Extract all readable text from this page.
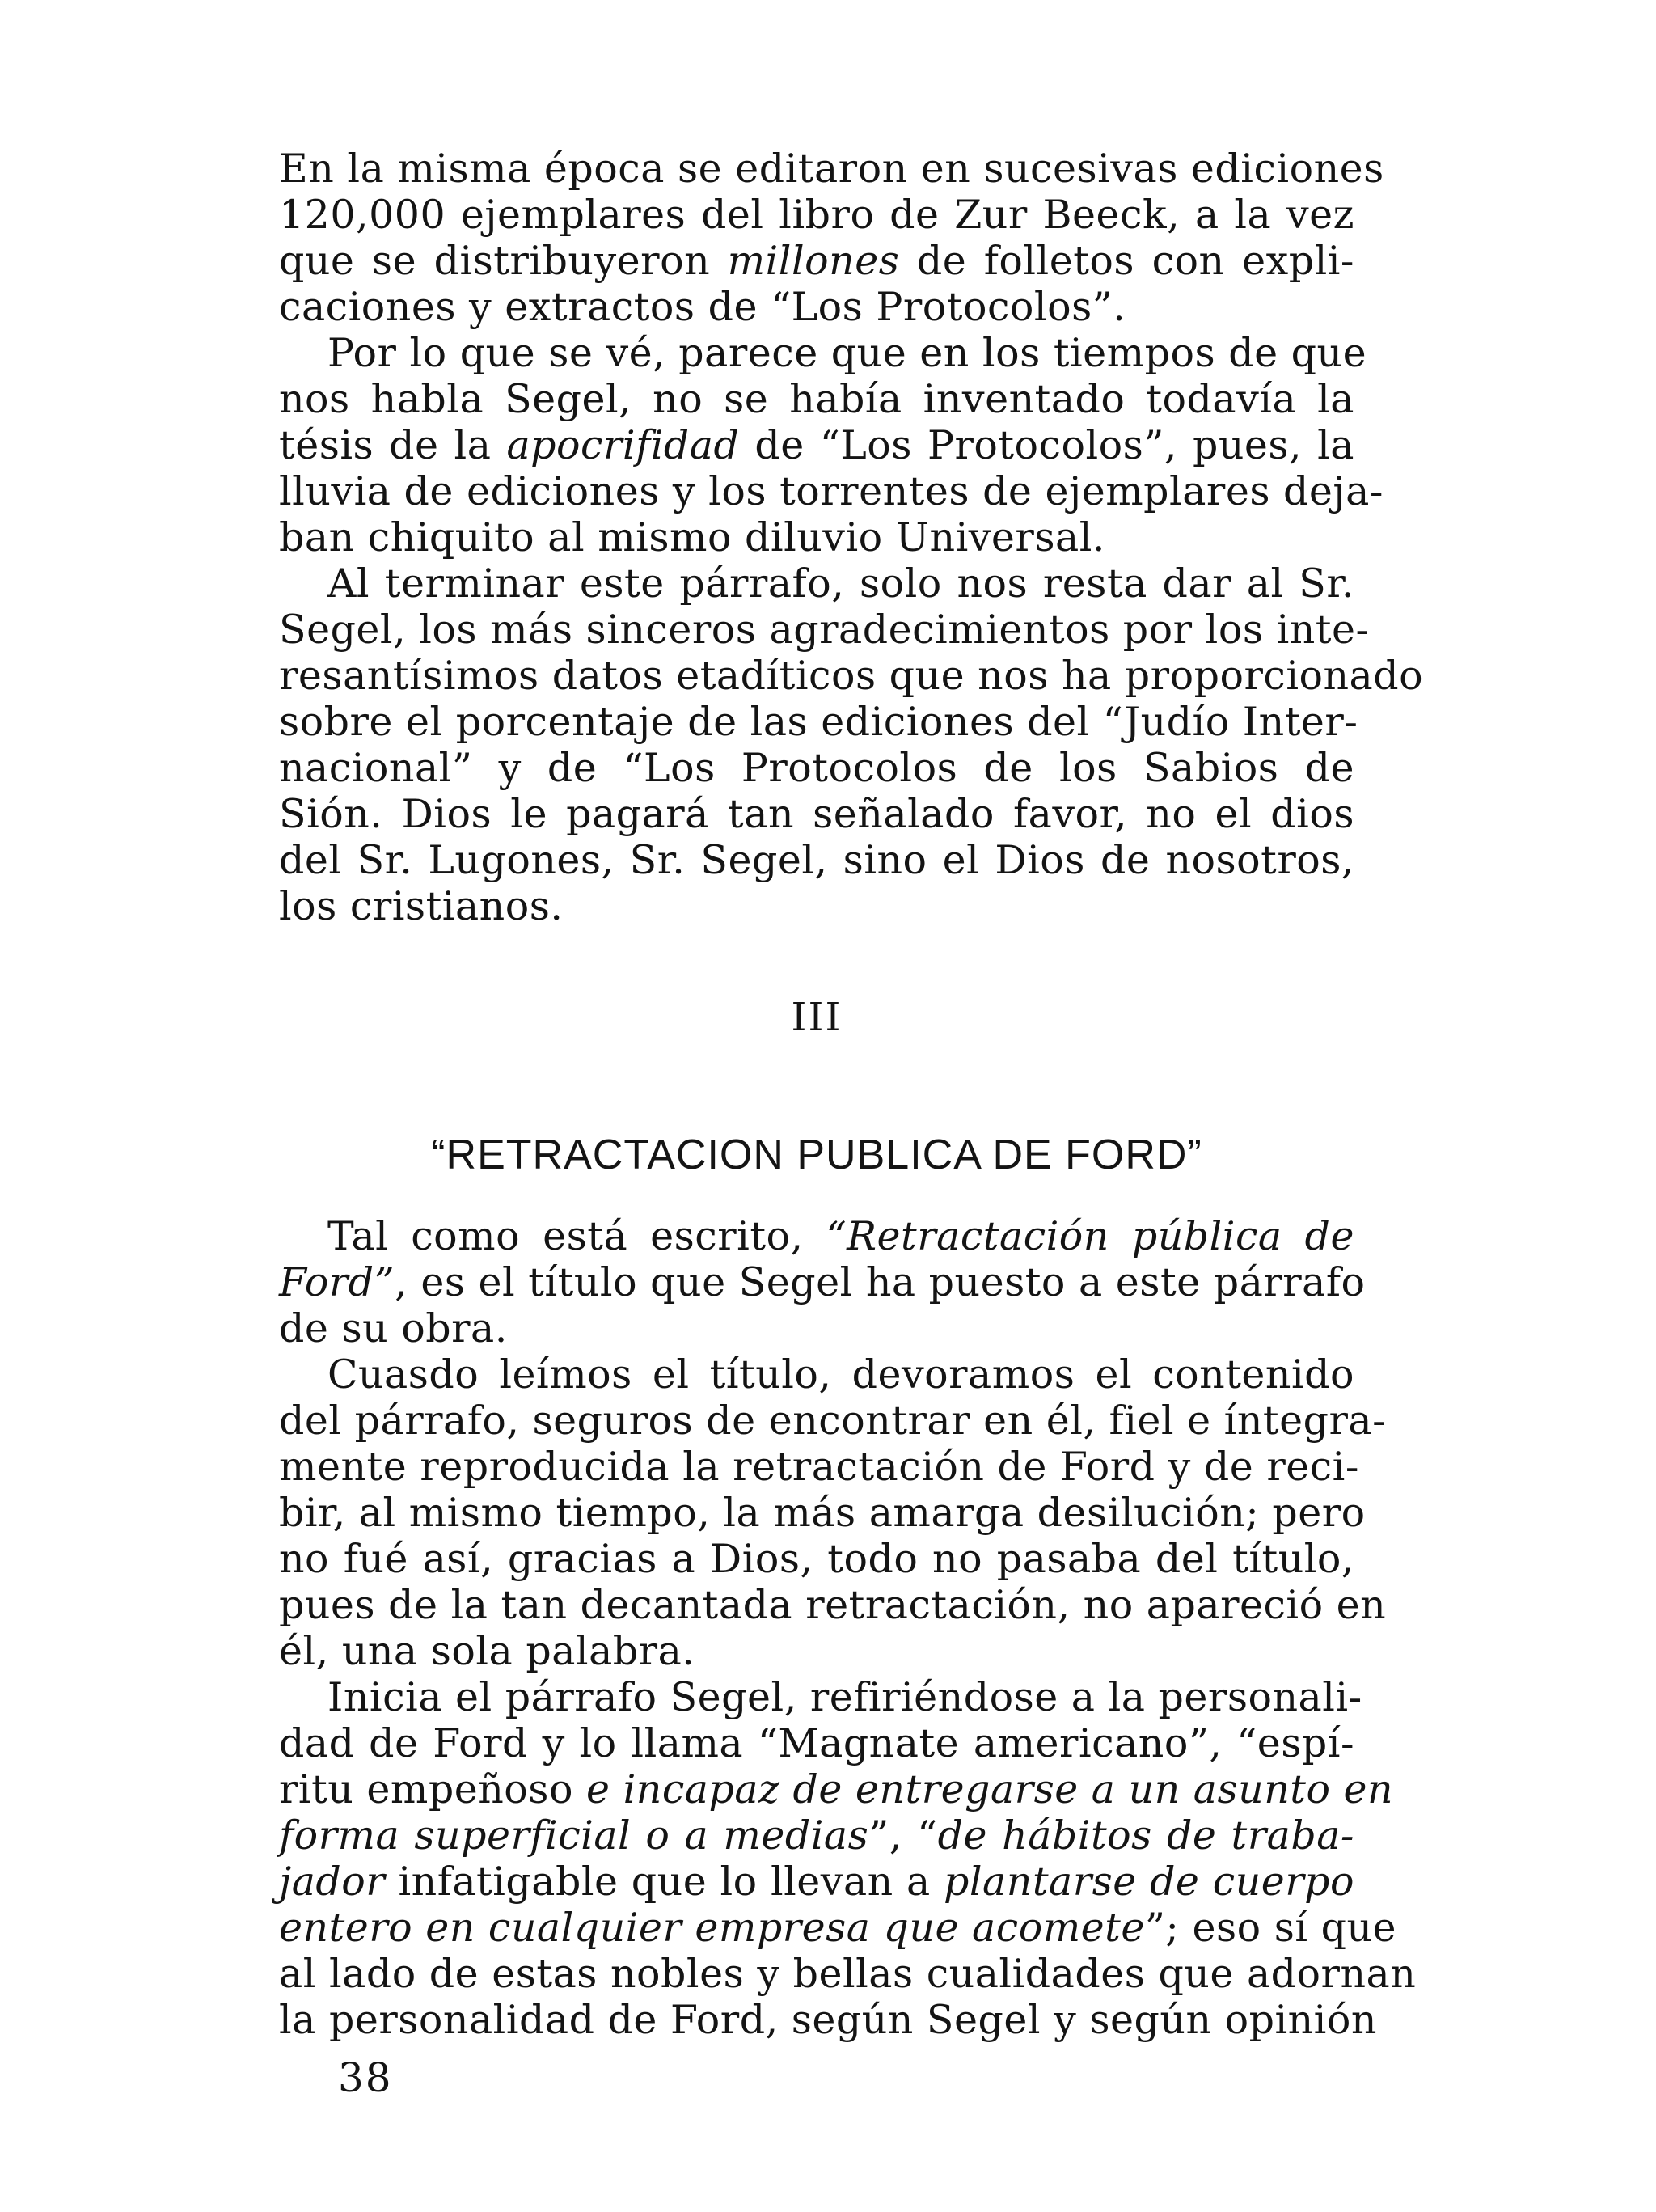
En la misma época se editaron en sucesivas ediciones
120,000 ejemplares del libro de Zur Beeck, a la vez
que se distribuyeron millones de folletos con expli-
caciones y extractos de “Los Protocolos”.
Por lo que se vé, parece que en los tiempos de que
nos habla Segel, no se había inventado todavía la
tésis de la apocrifidad de “Los Protocolos”, pues, la
lluvia de ediciones y los torrentes de ejemplares deja-
ban chiquito al mismo diluvio Universal.
Al terminar este párrafo, solo nos resta dar al Sr.
Segel, los más sinceros agradecimientos por los inte-
resantísimos datos etadíticos que nos ha proporcionado
sobre el porcentaje de las ediciones del “Judío Inter-
nacional” y de “Los Protocolos de los Sabios de
Sión. Dios le pagará tan señalado favor, no el dios
del Sr. Lugones, Sr. Segel, sino el Dios de nosotros,
los cristianos.
III
“RETRACTACION PUBLICA DE FORD”
Tal como está escrito, “Retractación pública de
Ford”, es el título que Segel ha puesto a este párrafo
de su obra.
Cuasdo leímos el título, devoramos el contenido
del párrafo, seguros de encontrar en él, fiel e íntegra-
mente reproducida la retractación de Ford y de reci-
bir, al mismo tiempo, la más amarga desilución; pero
no fué así, gracias a Dios, todo no pasaba del título,
pues de la tan decantada retractación, no apareció en
él, una sola palabra.
Inicia el párrafo Segel, refiriéndose a la personali-
dad de Ford y lo llama “Magnate americano”, “espí-
ritu empeñoso e incapaz de entregarse a un asunto en
forma superficial o a medias”, “de hábitos de traba-
jador infatigable que lo llevan a plantarse de cuerpo
entero en cualquier empresa que acomete”; eso sí que
al lado de estas nobles y bellas cualidades que adornan
la personalidad de Ford, según Segel y según opinión
38
